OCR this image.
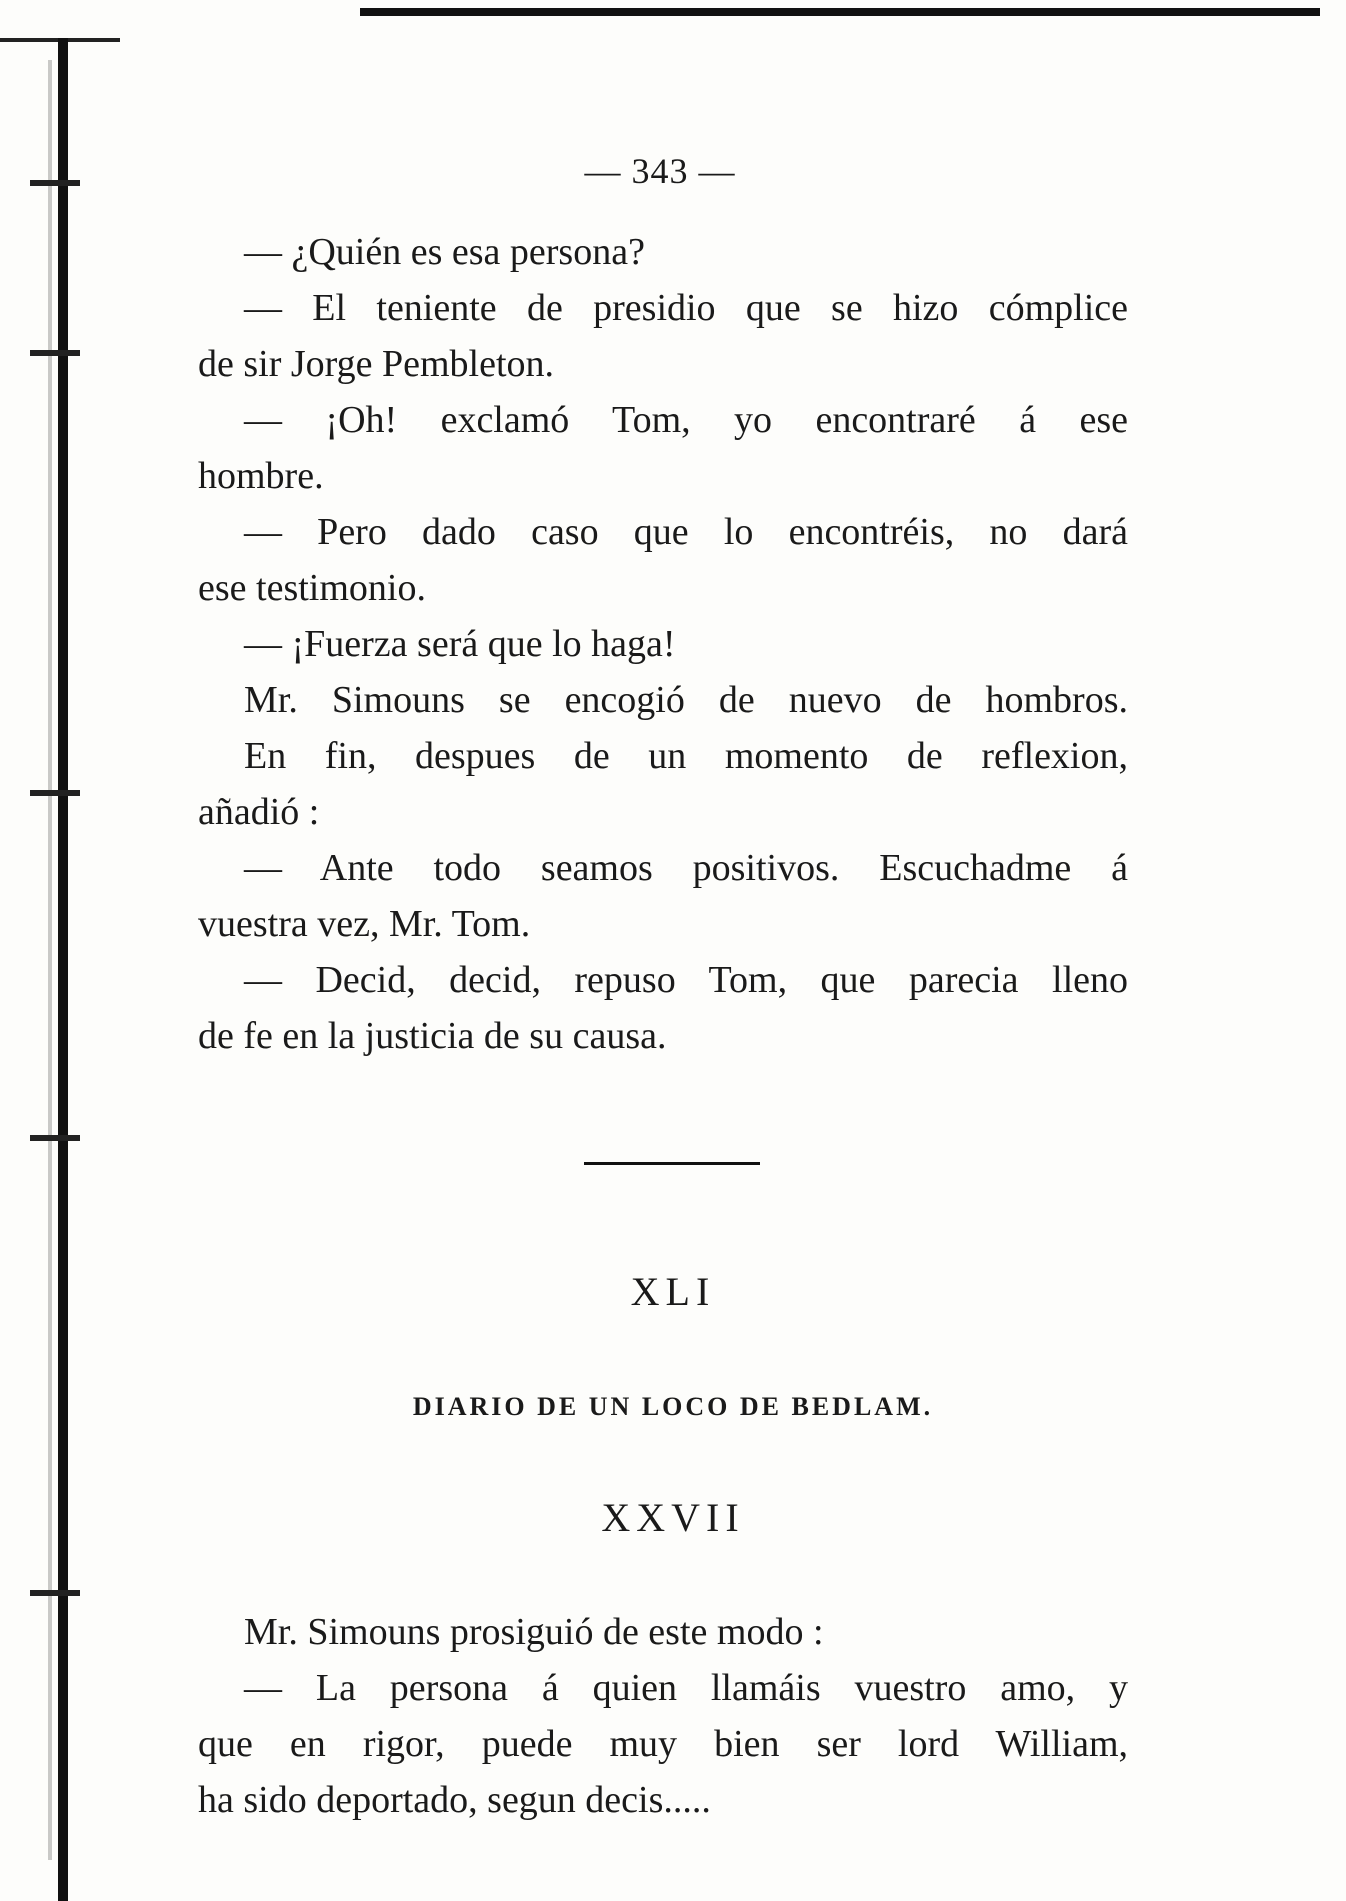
— 343 —
— ¿Quién es esa persona?
— El teniente de presidio que se hizo cómplice
de sir Jorge Pembleton.
— ¡Oh! exclamó Tom, yo encontraré á ese
hombre.
— Pero dado caso que lo encontréis, no dará
ese testimonio.
— ¡Fuerza será que lo haga!
Mr. Simouns se encogió de nuevo de hombros.
En fin, despues de un momento de reflexion,
añadió :
— Ante todo seamos positivos. Escuchadme á
vuestra vez, Mr. Tom.
— Decid, decid, repuso Tom, que parecia lleno
de fe en la justicia de su causa.
XLI
DIARIO DE UN LOCO DE BEDLAM.
XXVII
Mr. Simouns prosiguió de este modo :
— La persona á quien llamáis vuestro amo, y
que en rigor, puede muy bien ser lord William,
ha sido deportado, segun decis.....
